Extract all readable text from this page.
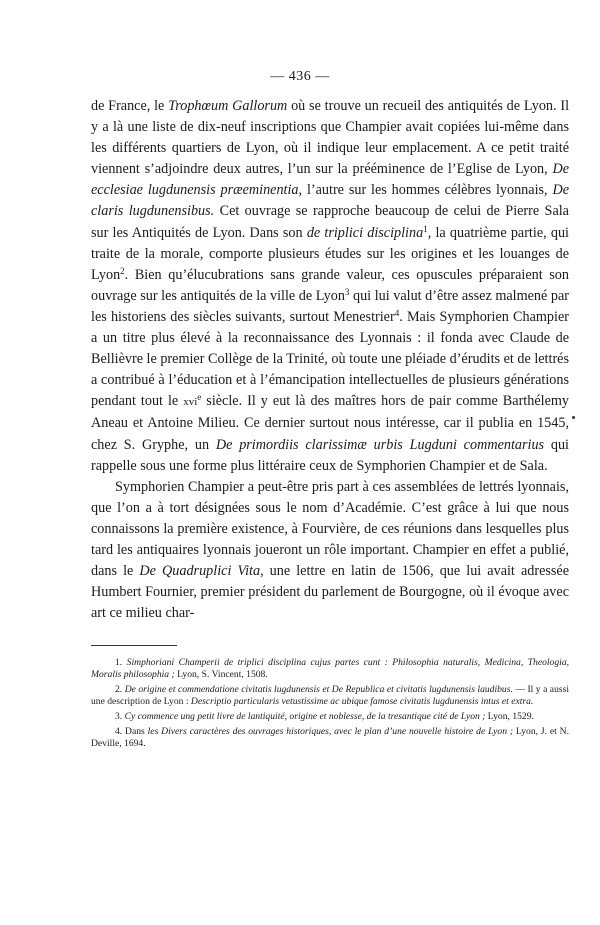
— 436 —

de France, le Trophœum Gallorum où se trouve un recueil des antiquités de Lyon. Il y a là une liste de dix-neuf inscriptions que Champier avait copiées lui-même dans les différents quartiers de Lyon, où il indique leur emplacement. A ce petit traité viennent s’adjoindre deux autres, l’un sur la prééminence de l’Eglise de Lyon, De ecclesiae lugdunensis præeminentia, l’autre sur les hommes célèbres lyonnais, De claris lugdunensibus. Cet ouvrage se rapproche beaucoup de celui de Pierre Sala sur les Antiquités de Lyon. Dans son de triplici disciplina$^1$, la quatrième partie, qui traite de la morale, comporte plusieurs études sur les origines et les louanges de Lyon$^2$. Bien qu’élucubrations sans grande valeur, ces opuscules préparaient son ouvrage sur les antiquités de la ville de Lyon$^3$ qui lui valut d’être assez malmené par les historiens des siècles suivants, surtout Menestrier$^4$. Mais Symphorien Champier a un titre plus élevé à la reconnaissance des Lyonnais : il fonda avec Claude de Bellièvre le premier Collège de la Trinité, où toute une pléiade d’érudits et de lettrés a contribué à l’éducation et à l’émancipation intellectuelles de plusieurs générations pendant tout le xvi$^e$ siècle. Il y eut là des maîtres hors de pair comme Barthélemy Aneau et Antoine Milieu. Ce dernier surtout nous intéresse, car il publia en 1545, chez S. Gryphe, un De primordiis clarissimæ urbis Lugduni commentarius qui rappelle sous une forme plus littéraire ceux de Symphorien Champier et de Sala.

Symphorien Champier a peut-être pris part à ces assemblées de lettrés lyonnais, que l’on a à tort désignées sous le nom d’Académie. C’est grâce à lui que nous connaissons la première existence, à Fourvière, de ces réunions dans lesquelles plus tard les antiquaires lyonnais joueront un rôle important. Champier en effet a publié, dans le De Quadruplici Vita, une lettre en latin de 1506, que lui avait adressée Humbert Fournier, premier président du parlement de Bourgogne, où il évoque avec art ce milieu char-

1. Simphoriani Champerii de triplici disciplina cujus partes cunt : Philosophia naturalis, Medicina, Theologia, Moralis philosophia ; Lyon, S. Vincent, 1508.

2. De origine et commendatione civitatis lugdunensis et De Republica et civitatis lugdunensis laudibus. — Il y a aussi une description de Lyon : Descriptio particularis vetustissime ac ubique famose civitatis lugdunensis intus et extra.

3. Cy commence ung petit livre de lantiquité, origine et noblesse, de la tresantique cité de Lyon ; Lyon, 1529.

4. Dans les Divers caractères des ouvrages historiques, avec le plan d’une nouvelle histoire de Lyon ; Lyon, J. et N. Deville, 1694.
